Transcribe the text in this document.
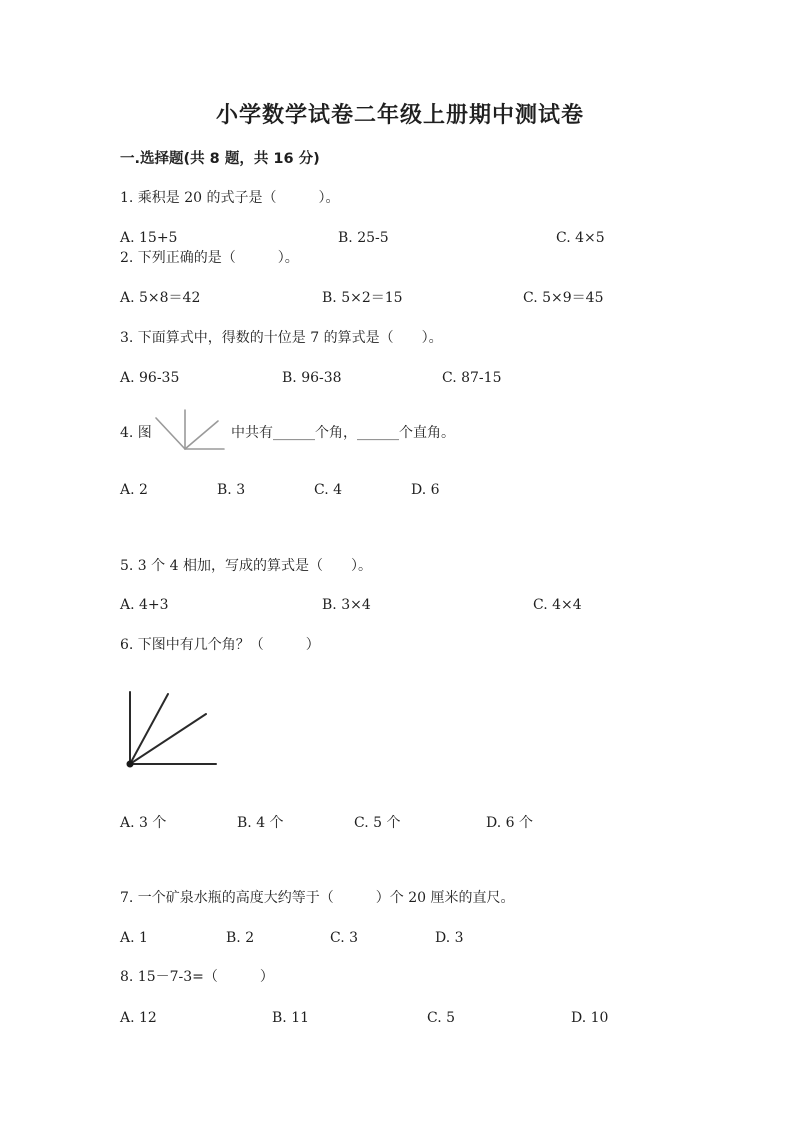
小学数学试卷二年级上册期中测试卷
一.选择题(共 8 题，共 16 分)
1. 乘积是 20 的式子是（　　　）。
A. 15+5	B. 25-5	C. 4×5
2. 下列正确的是（　　　）。
A. 5×8＝42	B. 5×2＝15	C. 5×9＝45
3. 下面算式中，得数的十位是 7 的算式是（　　）。
A. 96-35	B. 96-38	C. 87-15
4. 图	中共有______个角，______个直角。
A. 2	B. 3	C. 4	D. 6
5. 3 个 4 相加，写成的算式是（　　）。
A. 4+3	B. 3×4	C. 4×4
6. 下图中有几个角？（　　　）
A. 3 个	B. 4 个	C. 5 个	D. 6 个
7. 一个矿泉水瓶的高度大约等于（　　　）个 20 厘米的直尺。
A. 1	B. 2	C. 3	D. 3
8. 15－7-3=（　　　）
A. 12	B. 11	C. 5	D. 10
